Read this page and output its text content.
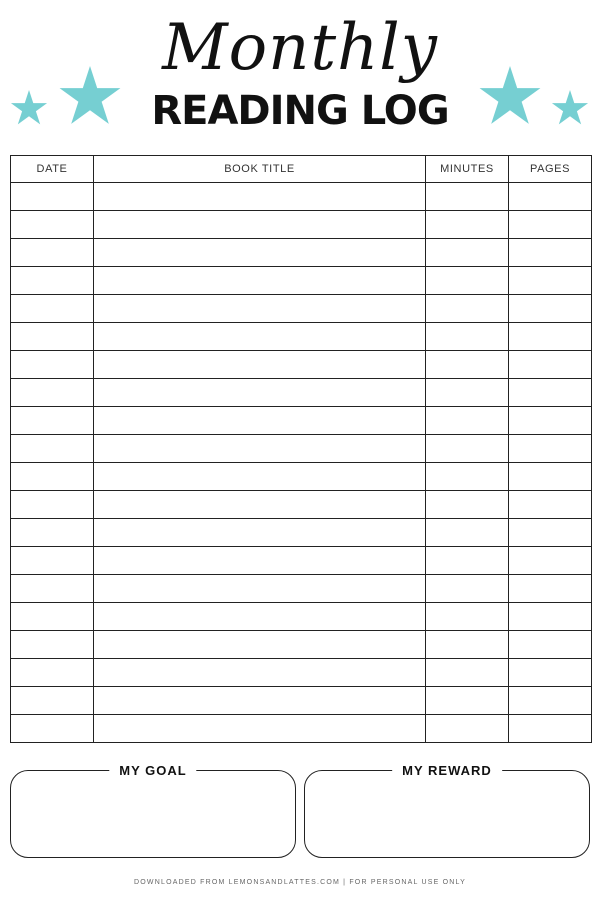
Monthly
READING LOG
DATE	BOOK TITLE	MINUTES	PAGES

MY GOAL	MY REWARD
DOWNLOADED FROM LEMONSANDLATTES.COM | FOR PERSONAL USE ONLY
